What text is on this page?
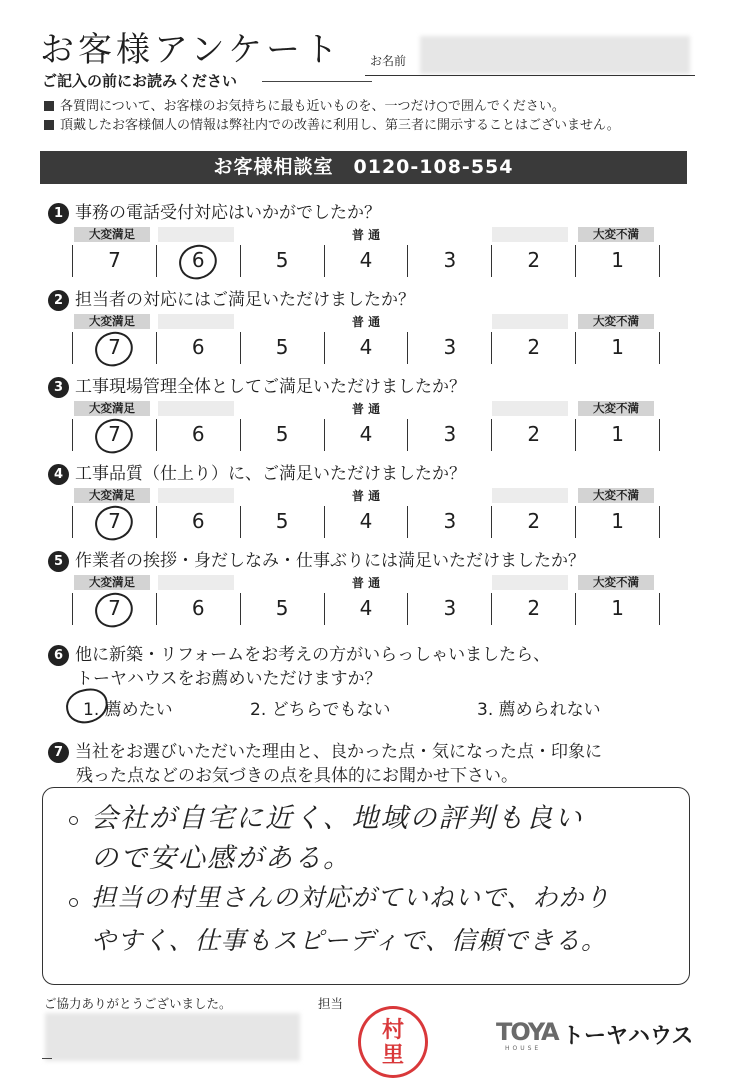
お客様アンケート お名前
ご記入の前にお読みください
各質問について、お客様のお気持ちに最も近いものを、一つだけ○で囲んでください。
頂戴したお客様個人の情報は弊社内での改善に利用し、第三者に開示することはございません。
お客様相談室　0120-108-554
1 事務の電話受付対応はいかがでしたか？
大変満足	普 通	大変不満
7	6	5	4	3	2	1
2 担当者の対応にはご満足いただけましたか？
大変満足	普 通	大変不満
7	6	5	4	3	2	1
3 工事現場管理全体としてご満足いただけましたか？
大変満足	普 通	大変不満
7	6	5	4	3	2	1
4 工事品質（仕上り）に、ご満足いただけましたか？
大変満足	普 通	大変不満
7	6	5	4	3	2	1
5 作業者の挨拶・身だしなみ・仕事ぶりには満足いただけましたか？
大変満足	普 通	大変不満
7	6	5	4	3	2	1
6 他に新築・リフォームをお考えの方がいらっしゃいましたら、
トーヤハウスをお薦めいただけますか？
1. 薦めたい	2. どちらでもない	3. 薦められない
7 当社をお選びいただいた理由と、良かった点・気になった点・印象に
残った点などのお気づきの点を具体的にお聞かせ下さい。
会社が自宅に近く、地域の評判も良い
ので安心感がある。
担当の村里さんの対応がていねいで、わかり
やすく、仕事もスピーディで、信頼できる。
ご協力ありがとうございました。	担当
村
里
TOYA
HOUSE トーヤハウス
